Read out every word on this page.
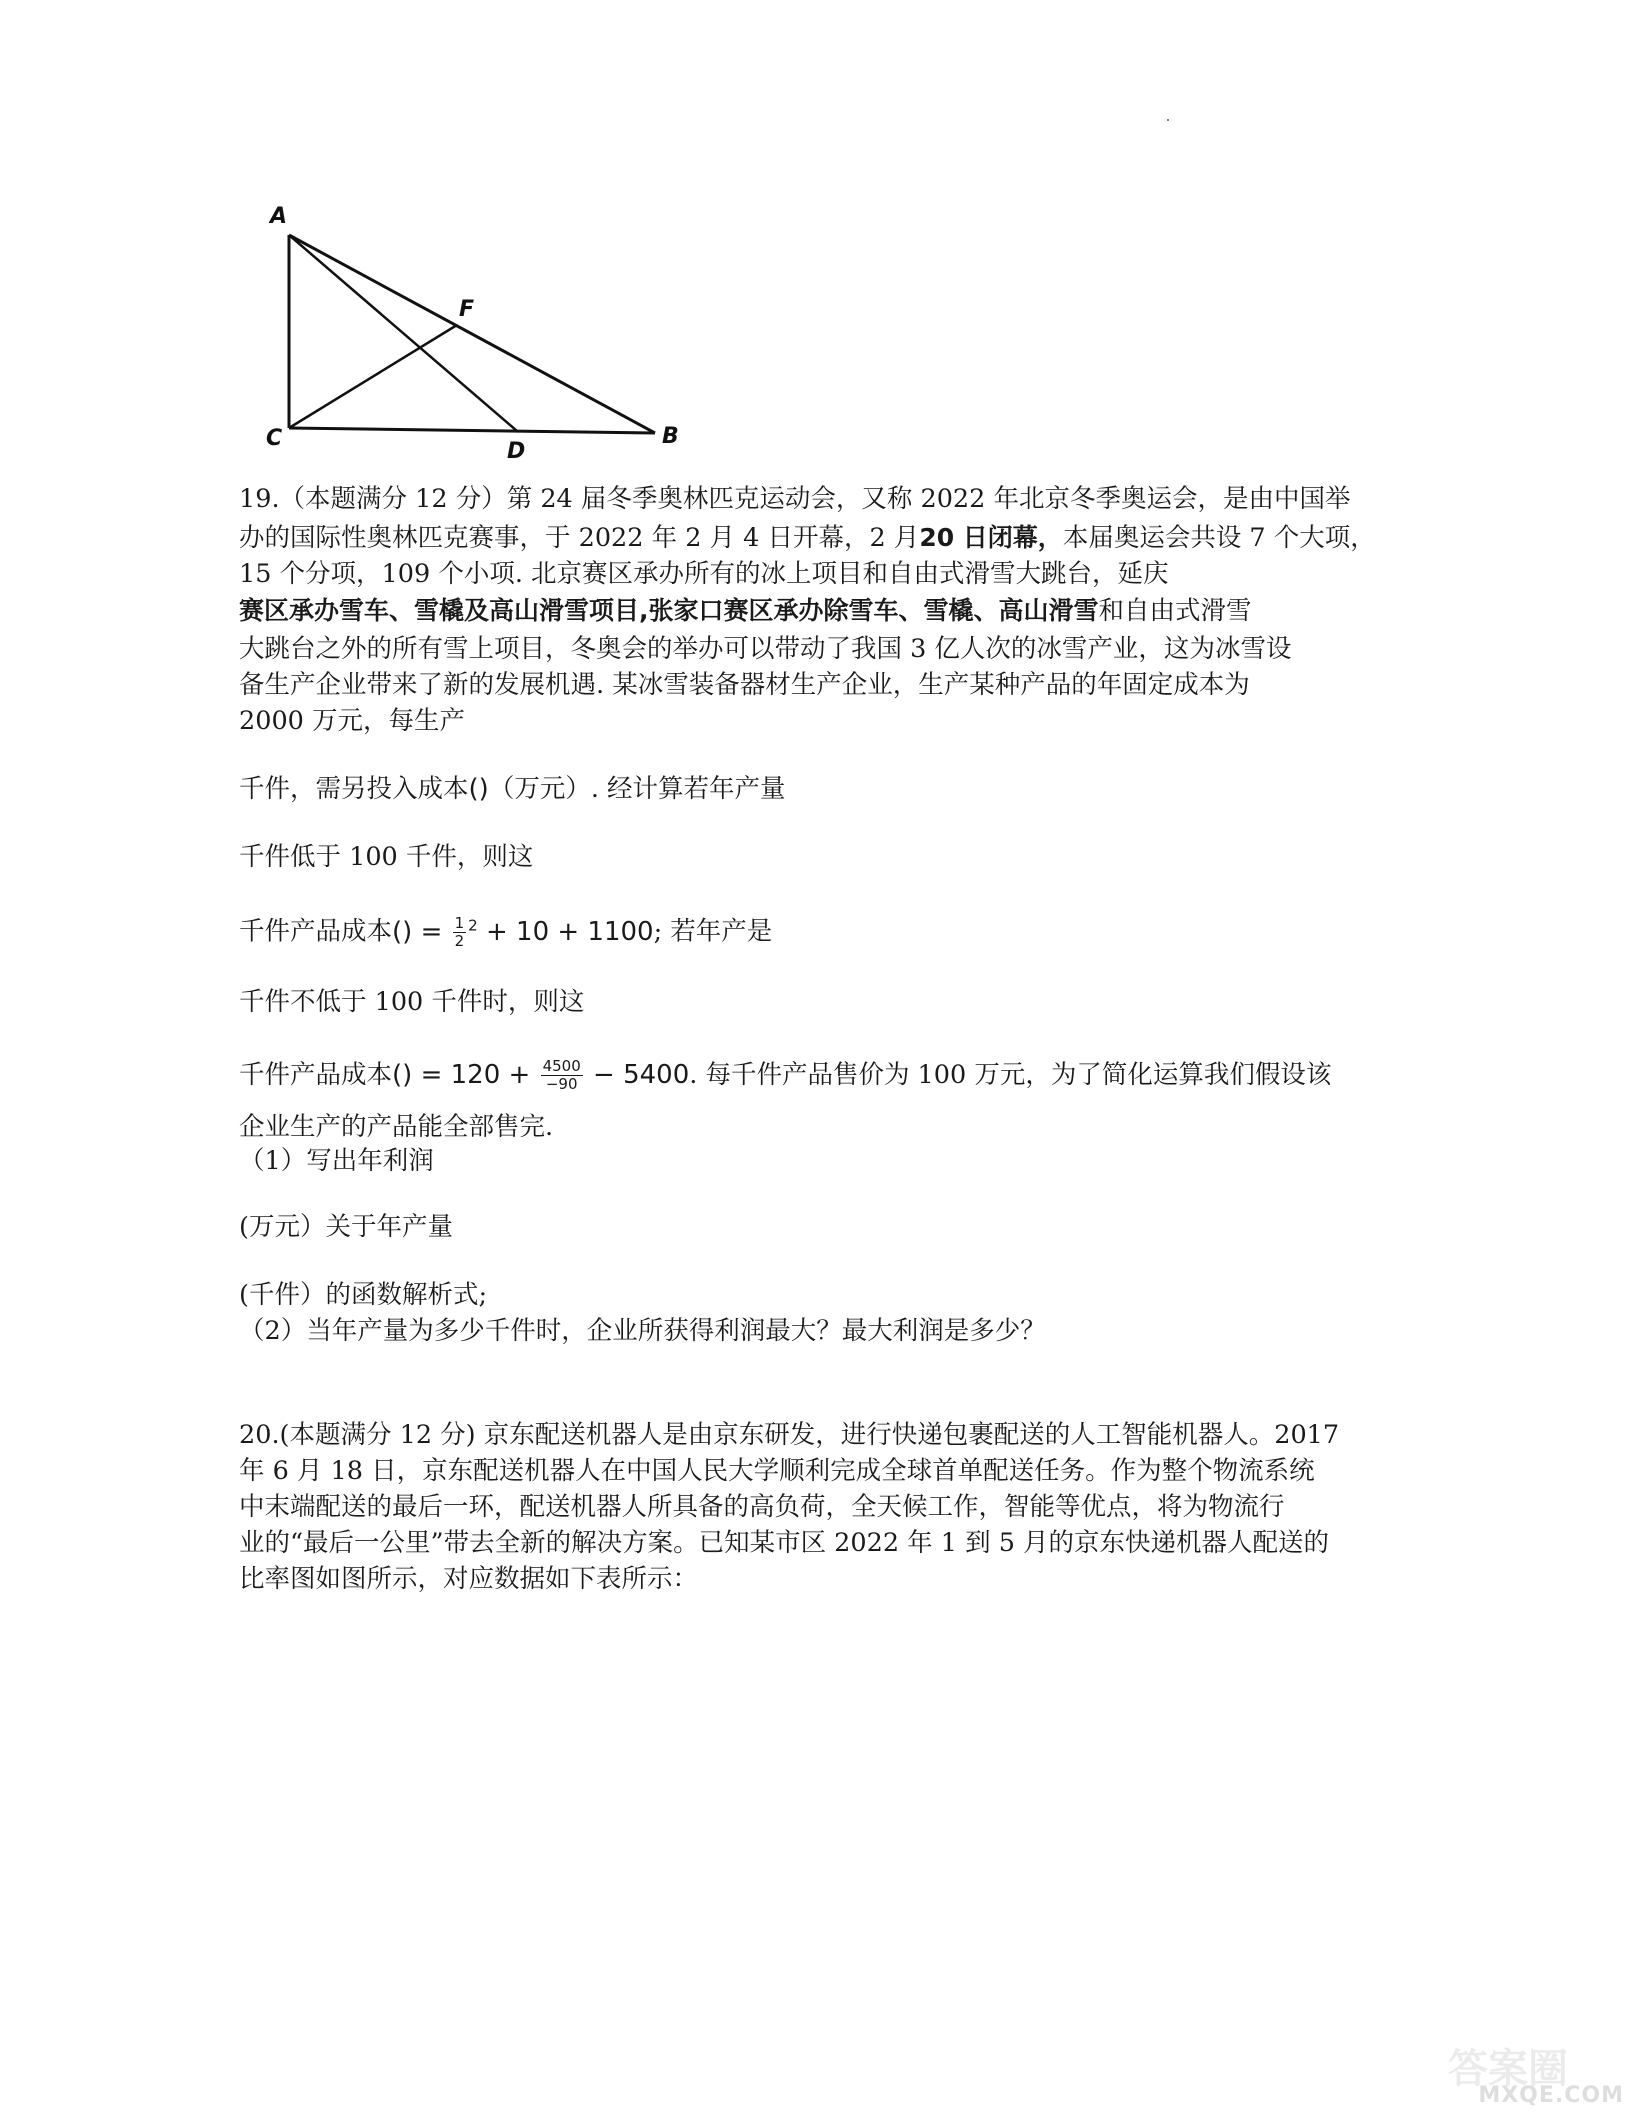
A
F
C
D
B
19.（本题满分 12 分）第 24 届冬季奥林匹克运动会，又称 2022 年北京冬季奥运会，是由中国举
办的国际性奥林匹克赛事，于 2022 年 2 月 4 日开幕，2 月20 日闭幕，本届奥运会共设 7 个大项，
15 个分项，109 个小项. 北京赛区承办所有的冰上项目和自由式滑雪大跳台，延庆
赛区承办雪车、雪橇及高山滑雪项目,张家口赛区承办除雪车、雪橇、高山滑雪和自由式滑雪
大跳台之外的所有雪上项目，冬奥会的举办可以带动了我国 3 亿人次的冰雪产业，这为冰雪设
备生产企业带来了新的发展机遇. 某冰雪装备器材生产企业，生产某种产品的年固定成本为
2000 万元，每生产
千件，需另投入成本()（万元）. 经计算若年产量
千件低于 100 千件，则这
千件产品成本() = $\frac{1}{2} ^2 + 10 + 1100$; 若年产是
千件不低于 100 千件时，则这
千件产品成本() = $120 + \frac{4500}{-90} - 5400$. 每千件产品售价为 100 万元，为了简化运算我们假设该
企业生产的产品能全部售完.
（1）写出年利润
(万元）关于年产量
(千件）的函数解析式;
（2）当年产量为多少千件时，企业所获得利润最大？最大利润是多少？
20.(本题满分 12 分) 京东配送机器人是由京东研发，进行快递包裹配送的人工智能机器人。2017
年 6 月 18 日，京东配送机器人在中国人民大学顺利完成全球首单配送任务。作为整个物流系统
中末端配送的最后一环，配送机器人所具备的高负荷，全天候工作，智能等优点，将为物流行
业的“最后一公里”带去全新的解决方案。已知某市区 2022 年 1 到 5 月的京东快递机器人配送的
比率图如图所示，对应数据如下表所示：
答案圈
MXQE.COM
